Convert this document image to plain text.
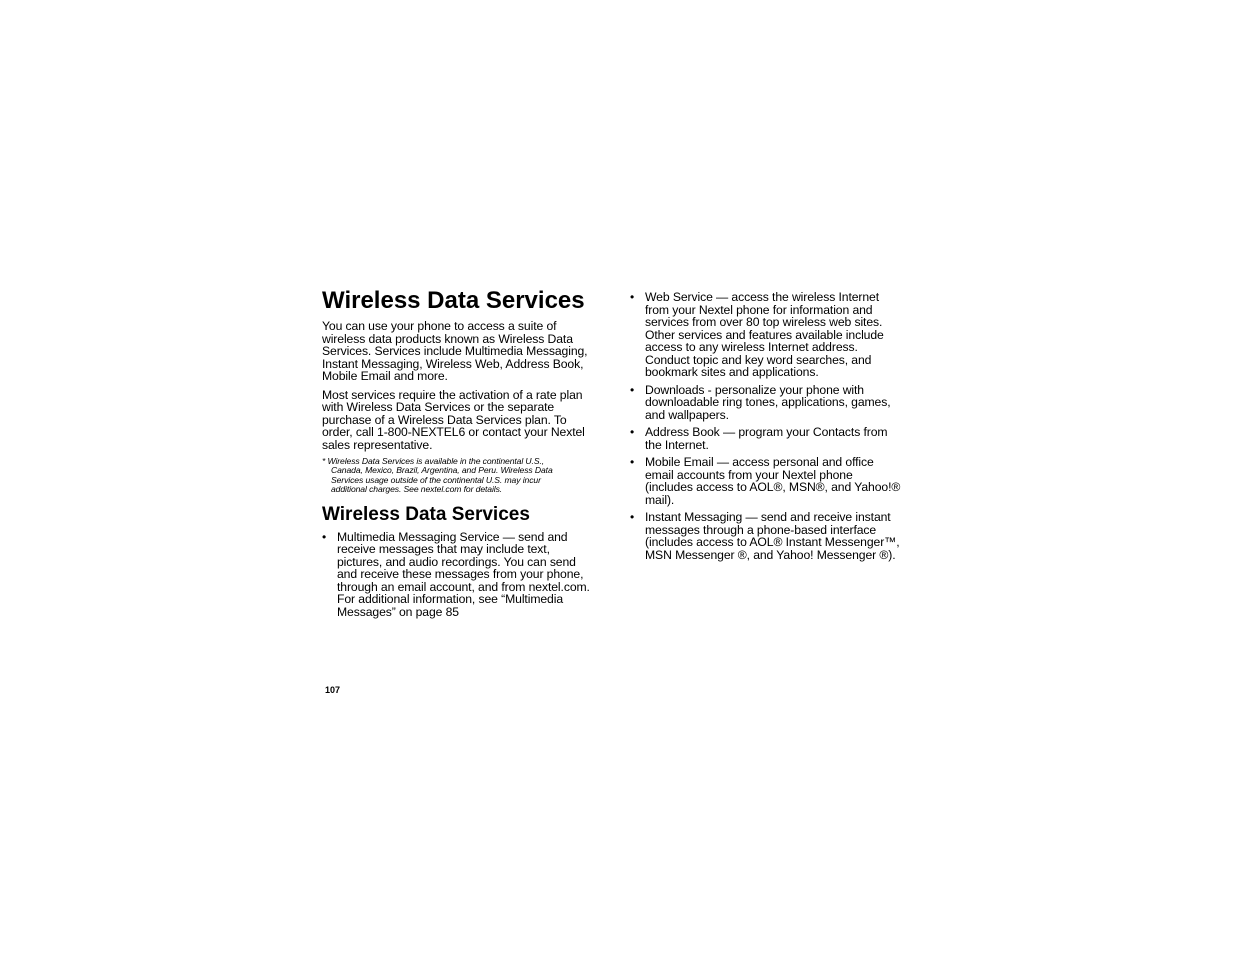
Wireless Data Services

You can use your phone to access a suite of
wireless data products known as Wireless Data
Services. Services include Multimedia Messaging,
Instant Messaging, Wireless Web, Address Book,
Mobile Email and more.

Most services require the activation of a rate plan
with Wireless Data Services or the separate
purchase of a Wireless Data Services plan. To
order, call 1-800-NEXTEL6 or contact your Nextel
sales representative.

* Wireless Data Services is available in the continental U.S.,
Canada, Mexico, Brazil, Argentina, and Peru. Wireless Data
Services usage outside of the continental U.S. may incur
additional charges. See nextel.com for details.

Wireless Data Services
• Multimedia Messaging Service — send and
receive messages that may include text,
pictures, and audio recordings. You can send
and receive these messages from your phone,
through an email account, and from nextel.com.
For additional information, see “Multimedia
Messages” on page 85
• Web Service — access the wireless Internet
from your Nextel phone for information and
services from over 80 top wireless web sites.
Other services and features available include
access to any wireless Internet address.
Conduct topic and key word searches, and
bookmark sites and applications.
• Downloads - personalize your phone with
downloadable ring tones, applications, games,
and wallpapers.
• Address Book — program your Contacts from
the Internet.
• Mobile Email — access personal and office
email accounts from your Nextel phone
(includes access to AOL®, MSN®, and Yahoo!®
mail).
• Instant Messaging — send and receive instant
messages through a phone-based interface
(includes access to AOL® Instant Messenger™,
MSN Messenger ®, and Yahoo! Messenger ®).
107
